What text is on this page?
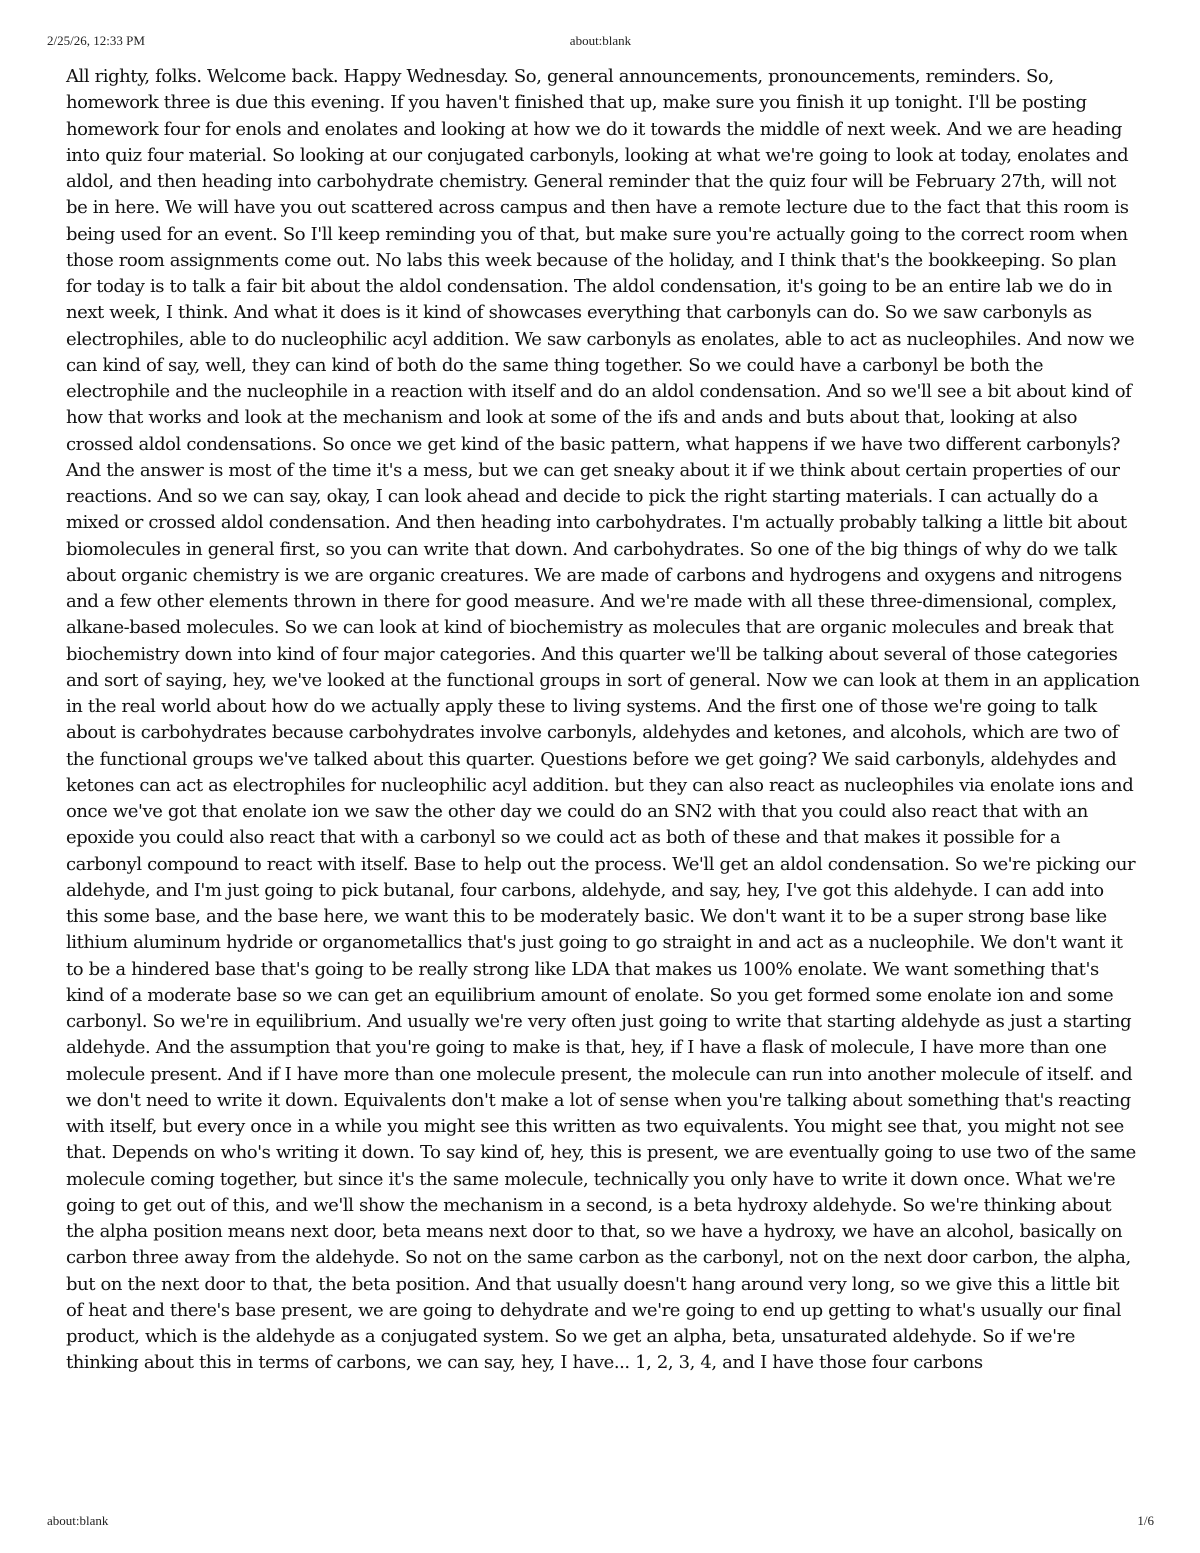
2/25/26, 12:33 PM	about:blank

All righty, folks. Welcome back. Happy Wednesday. So, general announcements, pronouncements, reminders. So, homework three is due this evening. If you haven't finished that up, make sure you finish it up tonight. I'll be posting homework four for enols and enolates and looking at how we do it towards the middle of next week. And we are heading into quiz four material. So looking at our conjugated carbonyls, looking at what we're going to look at today, enolates and aldol, and then heading into carbohydrate chemistry. General reminder that the quiz four will be February 27th, will not be in here. We will have you out scattered across campus and then have a remote lecture due to the fact that this room is being used for an event. So I'll keep reminding you of that, but make sure you're actually going to the correct room when those room assignments come out. No labs this week because of the holiday, and I think that's the bookkeeping. So plan for today is to talk a fair bit about the aldol condensation. The aldol condensation, it's going to be an entire lab we do in next week, I think. And what it does is it kind of showcases everything that carbonyls can do. So we saw carbonyls as electrophiles, able to do nucleophilic acyl addition. We saw carbonyls as enolates, able to act as nucleophiles. And now we can kind of say, well, they can kind of both do the same thing together. So we could have a carbonyl be both the electrophile and the nucleophile in a reaction with itself and do an aldol condensation. And so we'll see a bit about kind of how that works and look at the mechanism and look at some of the ifs and ands and buts about that, looking at also crossed aldol condensations. So once we get kind of the basic pattern, what happens if we have two different carbonyls? And the answer is most of the time it's a mess, but we can get sneaky about it if we think about certain properties of our reactions. And so we can say, okay, I can look ahead and decide to pick the right starting materials. I can actually do a mixed or crossed aldol condensation. And then heading into carbohydrates. I'm actually probably talking a little bit about biomolecules in general first, so you can write that down. And carbohydrates. So one of the big things of why do we talk about organic chemistry is we are organic creatures. We are made of carbons and hydrogens and oxygens and nitrogens and a few other elements thrown in there for good measure. And we're made with all these three-dimensional, complex, alkane-based molecules. So we can look at kind of biochemistry as molecules that are organic molecules and break that biochemistry down into kind of four major categories. And this quarter we'll be talking about several of those categories and sort of saying, hey, we've looked at the functional groups in sort of general. Now we can look at them in an application in the real world about how do we actually apply these to living systems. And the first one of those we're going to talk about is carbohydrates because carbohydrates involve carbonyls, aldehydes and ketones, and alcohols, which are two of the functional groups we've talked about this quarter. Questions before we get going? We said carbonyls, aldehydes and ketones can act as electrophiles for nucleophilic acyl addition. but they can also react as nucleophiles via enolate ions and once we've got that enolate ion we saw the other day we could do an SN2 with that you could also react that with an epoxide you could also react that with a carbonyl so we could act as both of these and that makes it possible for a carbonyl compound to react with itself. Base to help out the process. We'll get an aldol condensation. So we're picking our aldehyde, and I'm just going to pick butanal, four carbons, aldehyde, and say, hey, I've got this aldehyde. I can add into this some base, and the base here, we want this to be moderately basic. We don't want it to be a super strong base like lithium aluminum hydride or organometallics that's just going to go straight in and act as a nucleophile. We don't want it to be a hindered base that's going to be really strong like LDA that makes us 100% enolate. We want something that's kind of a moderate base so we can get an equilibrium amount of enolate. So you get formed some enolate ion and some carbonyl. So we're in equilibrium. And usually we're very often just going to write that starting aldehyde as just a starting aldehyde. And the assumption that you're going to make is that, hey, if I have a flask of molecule, I have more than one molecule present. And if I have more than one molecule present, the molecule can run into another molecule of itself. and we don't need to write it down. Equivalents don't make a lot of sense when you're talking about something that's reacting with itself, but every once in a while you might see this written as two equivalents. You might see that, you might not see that. Depends on who's writing it down. To say kind of, hey, this is present, we are eventually going to use two of the same molecule coming together, but since it's the same molecule, technically you only have to write it down once. What we're going to get out of this, and we'll show the mechanism in a second, is a beta hydroxy aldehyde. So we're thinking about the alpha position means next door, beta means next door to that, so we have a hydroxy, we have an alcohol, basically on carbon three away from the aldehyde. So not on the same carbon as the carbonyl, not on the next door carbon, the alpha, but on the next door to that, the beta position. And that usually doesn't hang around very long, so we give this a little bit of heat and there's base present, we are going to dehydrate and we're going to end up getting to what's usually our final product, which is the aldehyde as a conjugated system. So we get an alpha, beta, unsaturated aldehyde. So if we're thinking about this in terms of carbons, we can say, hey, I have... 1, 2, 3, 4, and I have those four carbons

about:blank	1/6
